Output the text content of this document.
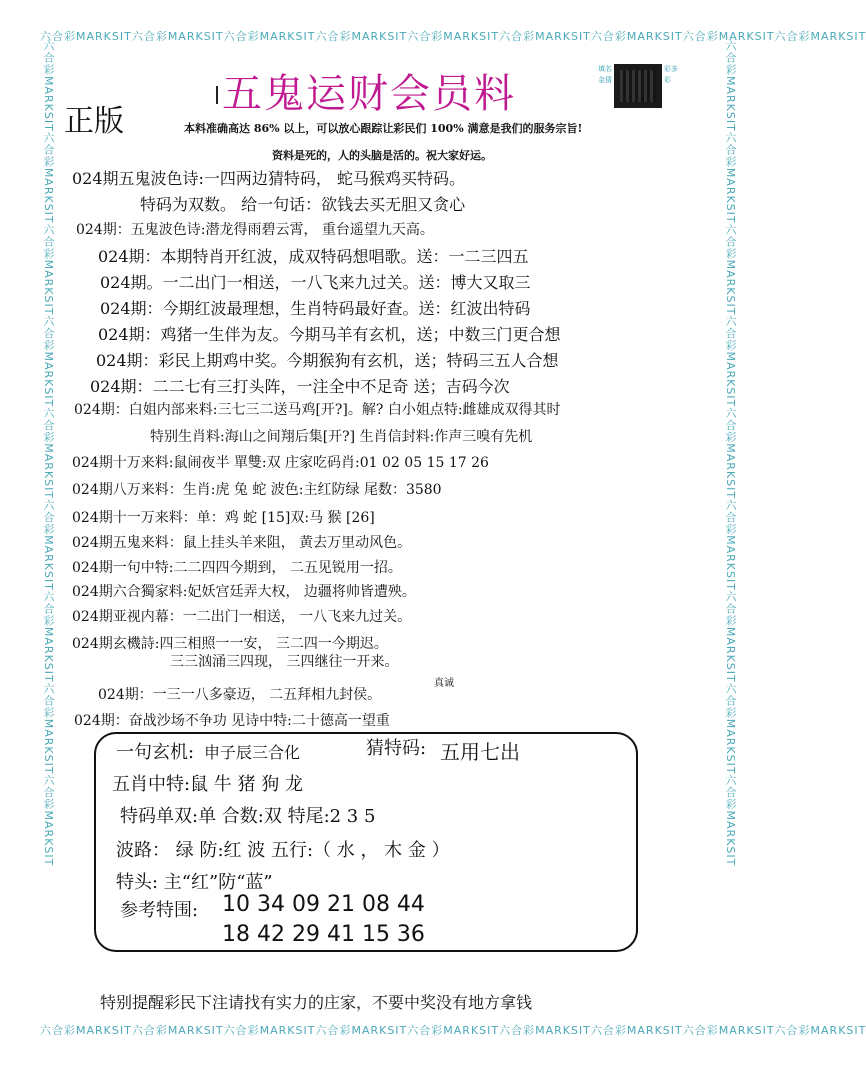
六合彩MARKSIT六合彩MARKSIT六合彩MARKSIT六合彩MARKSIT六合彩MARKSIT六合彩MARKSIT六合彩MARKSIT六合彩MARKSIT六合彩MARKSIT
六合彩MARKSIT六合彩MARKSIT六合彩MARKSIT六合彩MARKSIT六合彩MARKSIT六合彩MARKSIT六合彩MARKSIT六合彩MARKSIT六合彩MARKSIT
六合彩MARKSIT六合彩MARKSIT六合彩MARKSIT六合彩MARKSIT六合彩MARKSIT六合彩MARKSIT六合彩MARKSIT六合彩MARKSIT六合彩MARKSIT	六合彩MARKSIT六合彩MARKSIT六合彩MARKSIT六合彩MARKSIT六合彩MARKSIT六合彩MARKSIT六合彩MARKSIT六合彩MARKSIT六合彩MARKSIT
五鬼运财会员料
正版
填名金猜
彩多彩
本料准确高达 86% 以上，可以放心跟踪让彩民们 100% 满意是我们的服务宗旨!
资料是死的，人的头脑是活的。祝大家好运。
024期五鬼波色诗:一四两边猜特码， 蛇马猴鸡买特码。
特码为双数。 给一句话：欲钱去买无胆又贪心
024期：五鬼波色诗:潜龙得雨碧云霄， 重台遥望九天高。
024期：本期特肖开红波，成双特码想唱歌。送：一二三四五
024期。一二出门一相送，一八飞来九过关。送：博大又取三
024期：今期红波最理想，生肖特码最好查。送：红波出特码
024期：鸡猪一生伴为友。今期马羊有玄机，送；中数三门更合想
024期：彩民上期鸡中奖。今期猴狗有玄机，送；特码三五人合想
024期：二二七有三打头阵，一注全中不足奇 送；吉码今次
024期：白姐内部来料:三七三二送马鸡[开?]。解? 白小姐点特:雌雄成双得其时
特别生肖料:海山之间翔后集[开?] 生肖信封料:作声三嗅有先机
024期十万来料:鼠闹夜半 單雙:双 庄家吃码肖:01 02 05 15 17 26
024期八万来料：生肖:虎 兔 蛇 波色:主红防绿 尾数：3580
024期十一万来料：单：鸡 蛇 [15]双:马 猴 [26]
024期五鬼来料：鼠上挂头羊来阻， 黄去万里动风色。
024期一句中特:二二四四今期到， 二五见锐用一招。
024期六合獨家料:妃妖宫廷弄大权， 边疆将帅皆遭殃。
024期亚视内幕：一二出门一相送， 一八飞来九过关。
024期玄機詩:四三相照一一安， 三二四一今期迟。
三三汹涌三四现， 三四继往一开来。
024期：一三一八多豪迈， 二五拜相九封侯。
真诚
024期：奋战沙场不争功 见诗中特:二十德高一望重
一句玄机: 申子辰三合化	猜特码: 五用七出
五肖中特:鼠 牛 猪 狗 龙
特码单双:单 合数:双 特尾:2 3 5
波路： 绿 防:红 波 五行:（ 水 ， 木 金 ）
特头: 主“红”防“蓝”
参考特围: 10 34 09 21 08 44
18 42 29 41 15 36
特别提醒彩民下注请找有实力的庄家，不要中奖没有地方拿钱
